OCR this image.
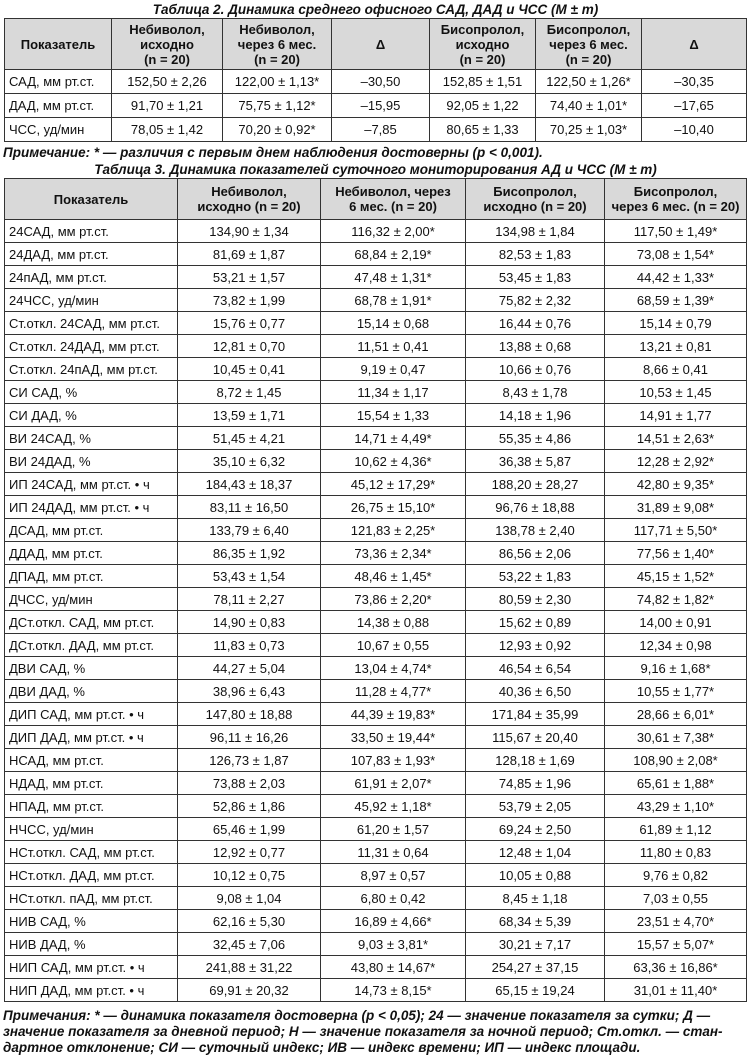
Таблица 2. Динамика среднего офисного САД, ДАД и ЧСС (М ± m)
Показатель	Небиволол,
исходно
(n = 20)	Небиволол,
через 6 мес.
(n = 20)	Δ	Бисопролол,
исходно
(n = 20)	Бисопролол,
через 6 мес.
(n = 20)	Δ

САД, мм рт.ст.	152,50 ± 2,26	122,00 ± 1,13*	–30,50	152,85 ± 1,51	122,50 ± 1,26*	–30,35
ДАД, мм рт.ст.	91,70 ± 1,21	75,75 ± 1,12*	–15,95	92,05 ± 1,22	74,40 ± 1,01*	–17,65
ЧСС, уд/мин	78,05 ± 1,42	70,20 ± 0,92*	–7,85	80,65 ± 1,33	70,25 ± 1,03*	–10,40
Примечание: * — различия с первым днем наблюдения достоверны (р < 0,001).
Таблица 3. Динамика показателей суточного мониторирования АД и ЧСС (М ± m)
Показатель	Небиволол,
исходно (n = 20)	Небиволол, через
6 мес. (n = 20)	Бисопролол,
исходно (n = 20)	Бисопролол,
через 6 мес. (n = 20)

24САД, мм рт.ст.	134,90 ± 1,34	116,32 ± 2,00*	134,98 ± 1,84	117,50 ± 1,49*
24ДАД, мм рт.ст.	81,69 ± 1,87	68,84 ± 2,19*	82,53 ± 1,83	73,08 ± 1,54*
24пАД, мм рт.ст.	53,21 ± 1,57	47,48 ± 1,31*	53,45 ± 1,83	44,42 ± 1,33*
24ЧСС, уд/мин	73,82 ± 1,99	68,78 ± 1,91*	75,82 ± 2,32	68,59 ± 1,39*
Ст.откл. 24САД, мм рт.ст.	15,76 ± 0,77	15,14 ± 0,68	16,44 ± 0,76	15,14 ± 0,79
Ст.откл. 24ДАД, мм рт.ст.	12,81 ± 0,70	11,51 ± 0,41	13,88 ± 0,68	13,21 ± 0,81
Ст.откл. 24пАД, мм рт.ст.	10,45 ± 0,41	9,19 ± 0,47	10,66 ± 0,76	8,66 ± 0,41
СИ САД, %	8,72 ± 1,45	11,34 ± 1,17	8,43 ± 1,78	10,53 ± 1,45
СИ ДАД, %	13,59 ± 1,71	15,54 ± 1,33	14,18 ± 1,96	14,91 ± 1,77
ВИ 24САД, %	51,45 ± 4,21	14,71 ± 4,49*	55,35 ± 4,86	14,51 ± 2,63*
ВИ 24ДАД, %	35,10 ± 6,32	10,62 ± 4,36*	36,38 ± 5,87	12,28 ± 2,92*
ИП 24САД, мм рт.ст. • ч	184,43 ± 18,37	45,12 ± 17,29*	188,20 ± 28,27	42,80 ± 9,35*
ИП 24ДАД, мм рт.ст. • ч	83,11 ± 16,50	26,75 ± 15,10*	96,76 ± 18,88	31,89 ± 9,08*
ДСАД, мм рт.ст.	133,79 ± 6,40	121,83 ± 2,25*	138,78 ± 2,40	117,71 ± 5,50*
ДДАД, мм рт.ст.	86,35 ± 1,92	73,36 ± 2,34*	86,56 ± 2,06	77,56 ± 1,40*
ДПАД, мм рт.ст.	53,43 ± 1,54	48,46 ± 1,45*	53,22 ± 1,83	45,15 ± 1,52*
ДЧСС, уд/мин	78,11 ± 2,27	73,86 ± 2,20*	80,59 ± 2,30	74,82 ± 1,82*
ДСт.откл. САД, мм рт.ст.	14,90 ± 0,83	14,38 ± 0,88	15,62 ± 0,89	14,00 ± 0,91
ДСт.откл. ДАД, мм рт.ст.	11,83 ± 0,73	10,67 ± 0,55	12,93 ± 0,92	12,34 ± 0,98
ДВИ САД, %	44,27 ± 5,04	13,04 ± 4,74*	46,54 ± 6,54	9,16 ± 1,68*
ДВИ ДАД, %	38,96 ± 6,43	11,28 ± 4,77*	40,36 ± 6,50	10,55 ± 1,77*
ДИП САД, мм рт.ст. • ч	147,80 ± 18,88	44,39 ± 19,83*	171,84 ± 35,99	28,66 ± 6,01*
ДИП ДАД, мм рт.ст. • ч	96,11 ± 16,26	33,50 ± 19,44*	115,67 ± 20,40	30,61 ± 7,38*
НСАД, мм рт.ст.	126,73 ± 1,87	107,83 ± 1,93*	128,18 ± 1,69	108,90 ± 2,08*
НДАД, мм рт.ст.	73,88 ± 2,03	61,91 ± 2,07*	74,85 ± 1,96	65,61 ± 1,88*
НПАД, мм рт.ст.	52,86 ± 1,86	45,92 ± 1,18*	53,79 ± 2,05	43,29 ± 1,10*
НЧСС, уд/мин	65,46 ± 1,99	61,20 ± 1,57	69,24 ± 2,50	61,89 ± 1,12
НСт.откл. САД, мм рт.ст.	12,92 ± 0,77	11,31 ± 0,64	12,48 ± 1,04	11,80 ± 0,83
НСт.откл. ДАД, мм рт.ст.	10,12 ± 0,75	8,97 ± 0,57	10,05 ± 0,88	9,76 ± 0,82
НСт.откл. пАД, мм рт.ст.	9,08 ± 1,04	6,80 ± 0,42	8,45 ± 1,18	7,03 ± 0,55
НИВ САД, %	62,16 ± 5,30	16,89 ± 4,66*	68,34 ± 5,39	23,51 ± 4,70*
НИВ ДАД, %	32,45 ± 7,06	9,03 ± 3,81*	30,21 ± 7,17	15,57 ± 5,07*
НИП САД, мм рт.ст. • ч	241,88 ± 31,22	43,80 ± 14,67*	254,27 ± 37,15	63,36 ± 16,86*
НИП ДАД, мм рт.ст. • ч	69,91 ± 20,32	14,73 ± 8,15*	65,15 ± 19,24	31,01 ± 11,40*
Примечания: * — динамика показателя достоверна (р < 0,05); 24 — значение показателя за сутки; Д —
значение показателя за дневной период; Н — значение показателя за ночной период; Ст.откл. — стан-
дартное отклонение; СИ — суточный индекс; ИВ — индекс времени; ИП — индекс площади.
